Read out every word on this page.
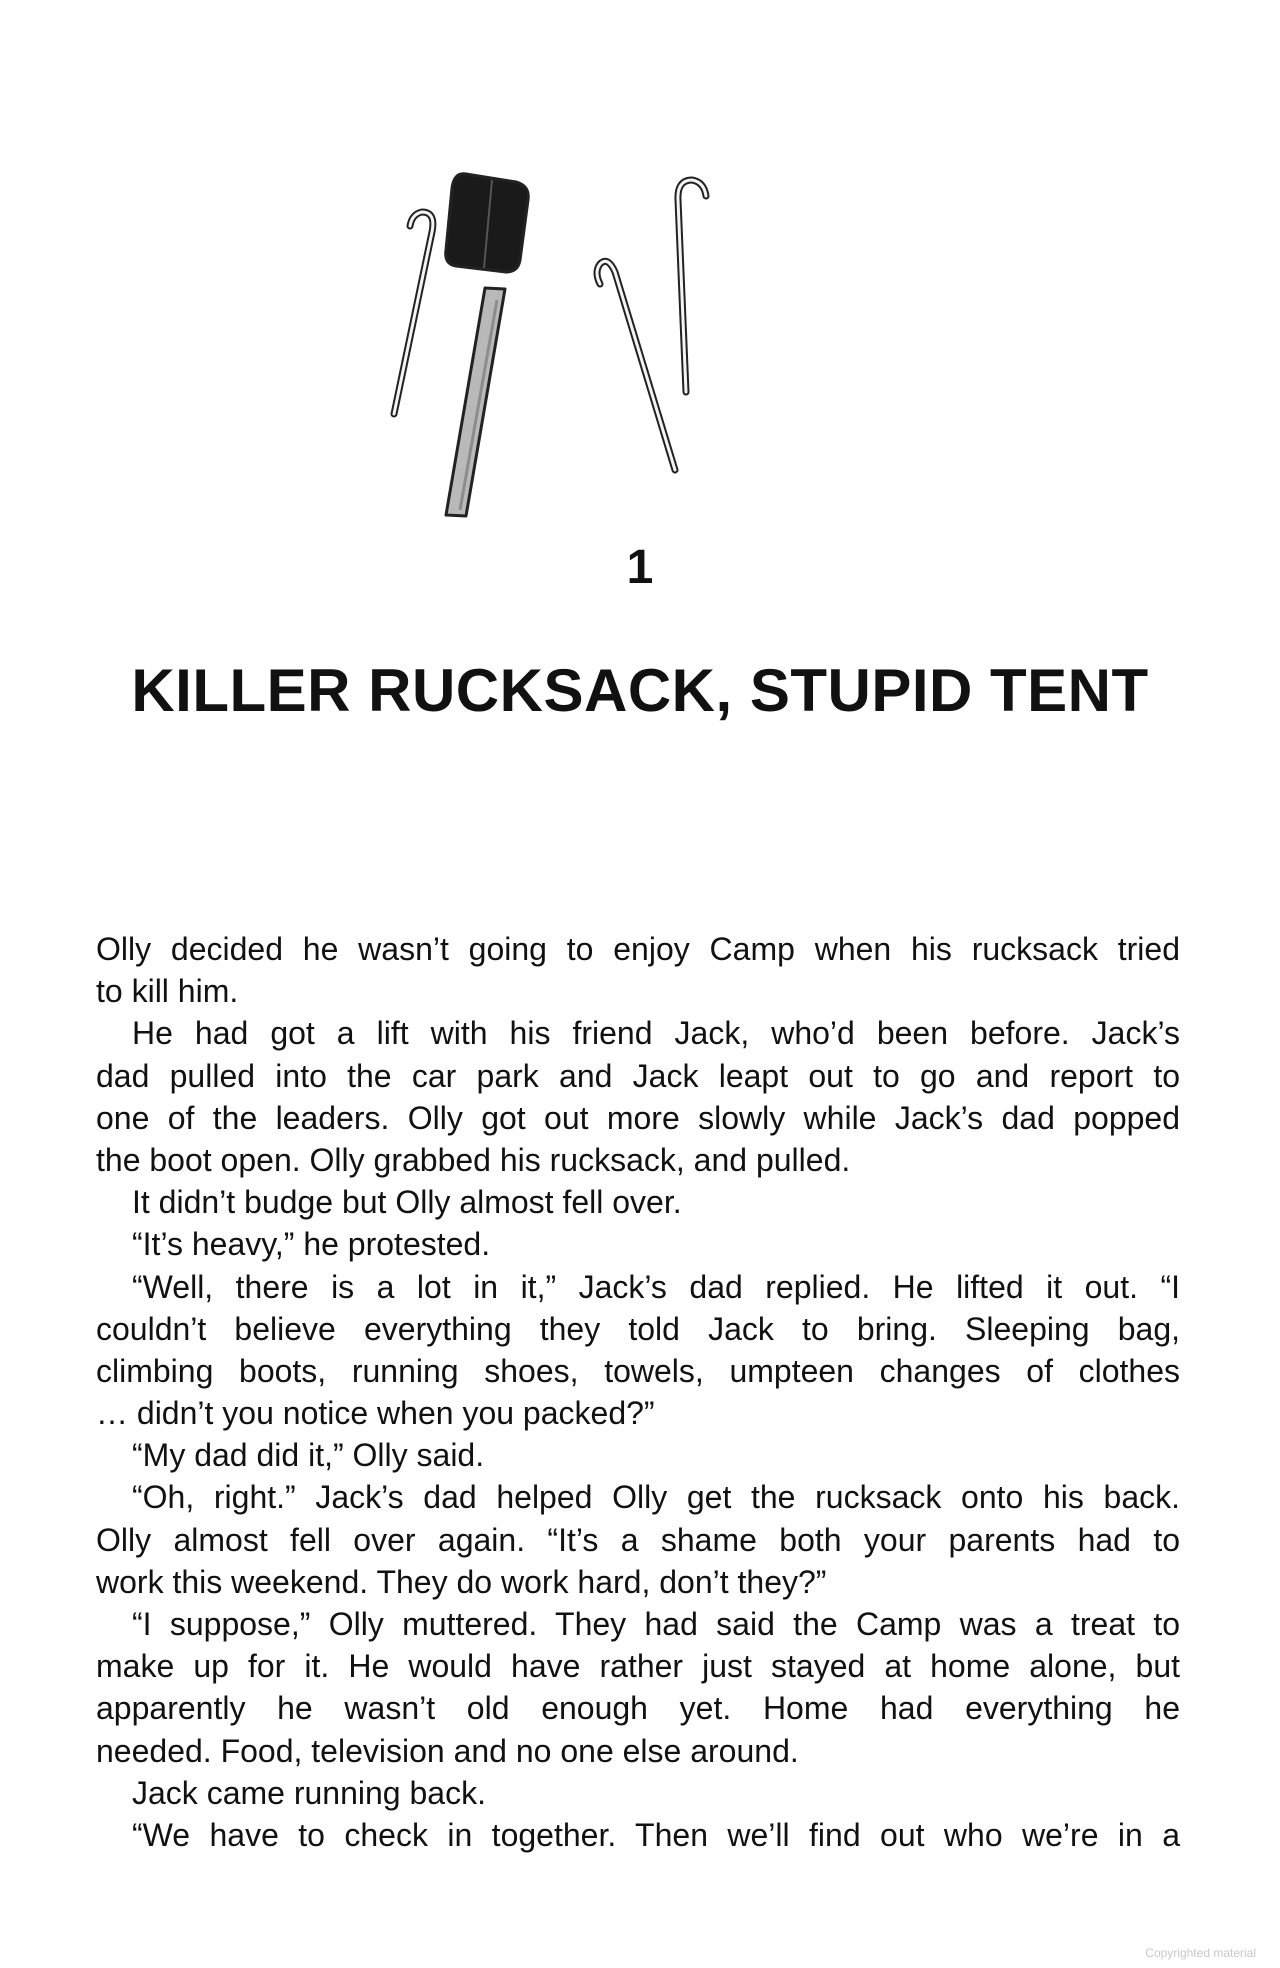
1
KILLER RUCKSACK, STUPID TENT
Olly decided he wasn’t going to enjoy Camp when his rucksack tried
to kill him.
He had got a lift with his friend Jack, who’d been before. Jack’s
dad pulled into the car park and Jack leapt out to go and report to
one of the leaders. Olly got out more slowly while Jack’s dad popped
the boot open. Olly grabbed his rucksack, and pulled.
It didn’t budge but Olly almost fell over.
“It’s heavy,” he protested.
“Well, there is a lot in it,” Jack’s dad replied. He lifted it out. “I
couldn’t believe everything they told Jack to bring. Sleeping bag,
climbing boots, running shoes, towels, umpteen changes of clothes
… didn’t you notice when you packed?”
“My dad did it,” Olly said.
“Oh, right.” Jack’s dad helped Olly get the rucksack onto his back.
Olly almost fell over again. “It’s a shame both your parents had to
work this weekend. They do work hard, don’t they?”
“I suppose,” Olly muttered. They had said the Camp was a treat to
make up for it. He would have rather just stayed at home alone, but
apparently he wasn’t old enough yet. Home had everything he
needed. Food, television and no one else around.
Jack came running back.
“We have to check in together. Then we’ll find out who we’re in a
Copyrighted material
